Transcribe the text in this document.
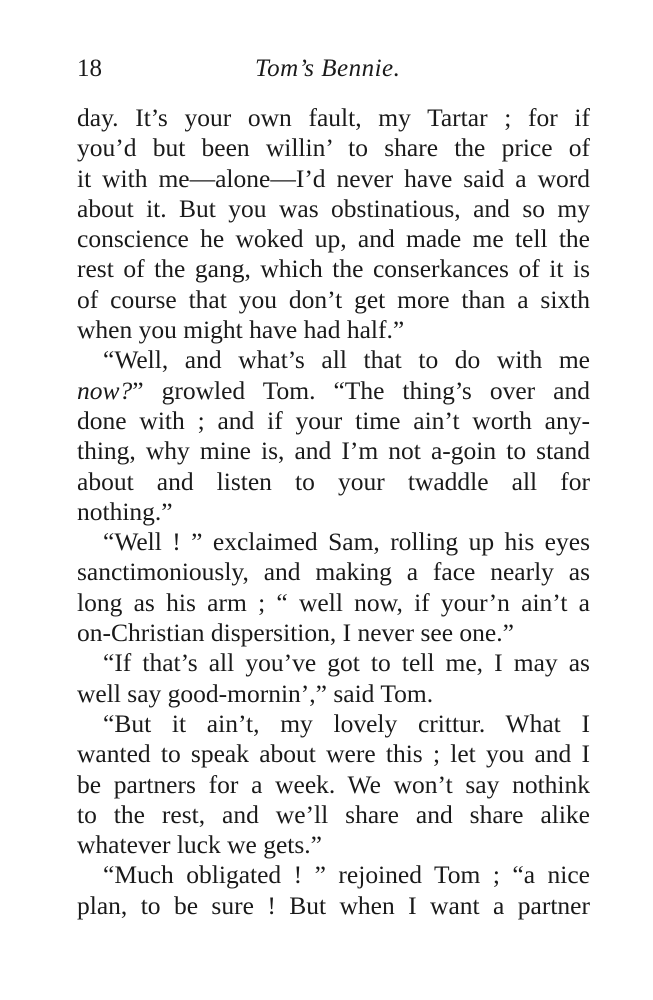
18	Tom’s Bennie.
day. It’s your own fault, my Tartar ; for if
you’d but been willin’ to share the price of
it with me—alone—I’d never have said a word
about it. But you was obstinatious, and so my
conscience he woked up, and made me tell the
rest of the gang, which the conserkances of it is
of course that you don’t get more than a sixth
when you might have had half.”
“Well, and what’s all that to do with me
now?” growled Tom. “The thing’s over and
done with ; and if your time ain’t worth any-
thing, why mine is, and I’m not a-goin to stand
about and listen to your twaddle all for
nothing.”
“Well ! ” exclaimed Sam, rolling up his eyes
sanctimoniously, and making a face nearly as
long as his arm ; “ well now, if your’n ain’t a
on-Christian dispersition, I never see one.”
“If that’s all you’ve got to tell me, I may as
well say good-mornin’,” said Tom.
“But it ain’t, my lovely crittur. What I
wanted to speak about were this ; let you and I
be partners for a week. We won’t say nothink
to the rest, and we’ll share and share alike
whatever luck we gets.”
“Much obligated ! ” rejoined Tom ; “a nice
plan, to be sure ! But when I want a partner
